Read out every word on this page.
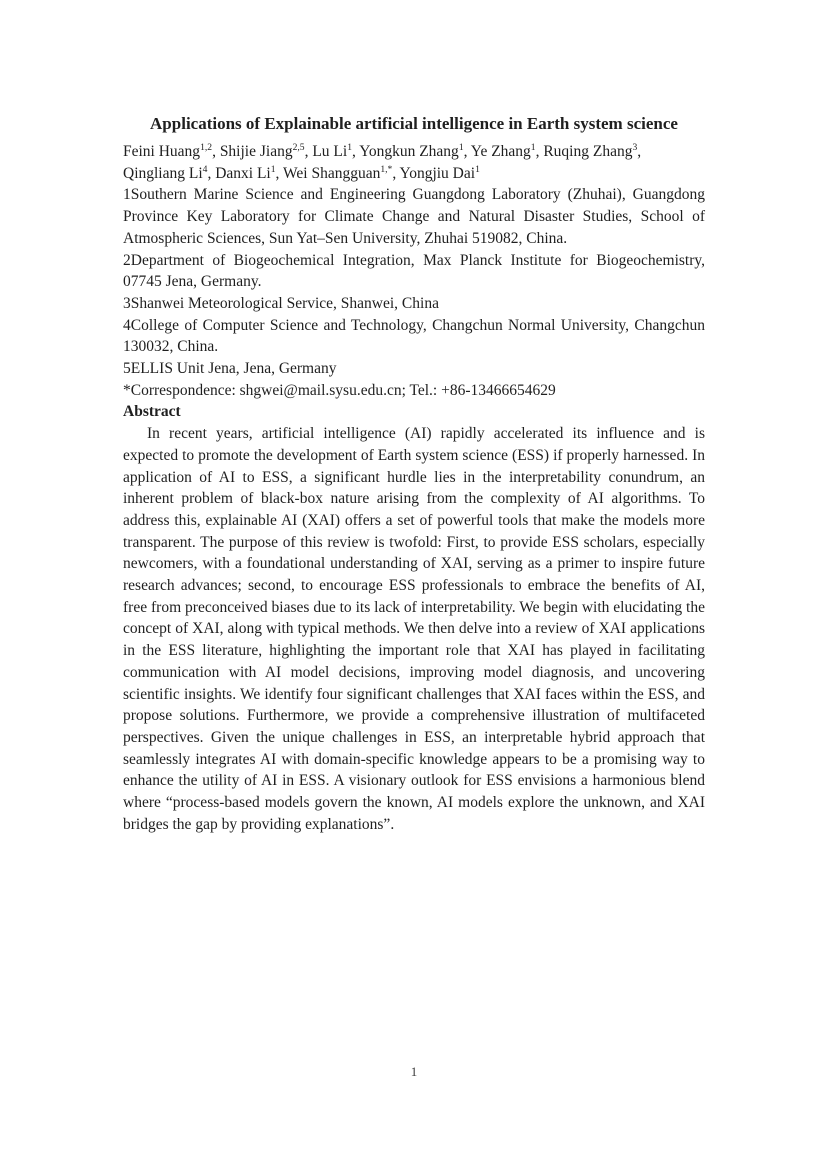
Applications of Explainable artificial intelligence in Earth system science

Feini Huang$^{1,2}$, Shijie Jiang$^{2,5}$, Lu Li$^1$, Yongkun Zhang$^1$, Ye Zhang$^1$, Ruqing Zhang$^3$, Qingliang Li$^4$, Danxi Li$^1$, Wei Shangguan$^{1,*}$, Yongjiu Dai$^1$

1Southern Marine Science and Engineering Guangdong Laboratory (Zhuhai), Guangdong Province Key Laboratory for Climate Change and Natural Disaster Studies, School of Atmospheric Sciences, Sun Yat–Sen University, Zhuhai 519082, China.

2Department of Biogeochemical Integration, Max Planck Institute for Biogeochemistry, 07745 Jena, Germany.

3Shanwei Meteorological Service, Shanwei, China

4College of Computer Science and Technology, Changchun Normal University, Changchun 130032, China.

5ELLIS Unit Jena, Jena, Germany

*Correspondence: shgwei@mail.sysu.edu.cn; Tel.: +86-13466654629

Abstract

In recent years, artificial intelligence (AI) rapidly accelerated its influence and is expected to promote the development of Earth system science (ESS) if properly harnessed. In application of AI to ESS, a significant hurdle lies in the interpretability conundrum, an inherent problem of black-box nature arising from the complexity of AI algorithms. To address this, explainable AI (XAI) offers a set of powerful tools that make the models more transparent. The purpose of this review is twofold: First, to provide ESS scholars, especially newcomers, with a foundational understanding of XAI, serving as a primer to inspire future research advances; second, to encourage ESS professionals to embrace the benefits of AI, free from preconceived biases due to its lack of interpretability. We begin with elucidating the concept of XAI, along with typical methods. We then delve into a review of XAI applications in the ESS literature, highlighting the important role that XAI has played in facilitating communication with AI model decisions, improving model diagnosis, and uncovering scientific insights. We identify four significant challenges that XAI faces within the ESS, and propose solutions. Furthermore, we provide a comprehensive illustration of multifaceted perspectives. Given the unique challenges in ESS, an interpretable hybrid approach that seamlessly integrates AI with domain-specific knowledge appears to be a promising way to enhance the utility of AI in ESS. A visionary outlook for ESS envisions a harmonious blend where “process-based models govern the known, AI models explore the unknown, and XAI bridges the gap by providing explanations”.

1
